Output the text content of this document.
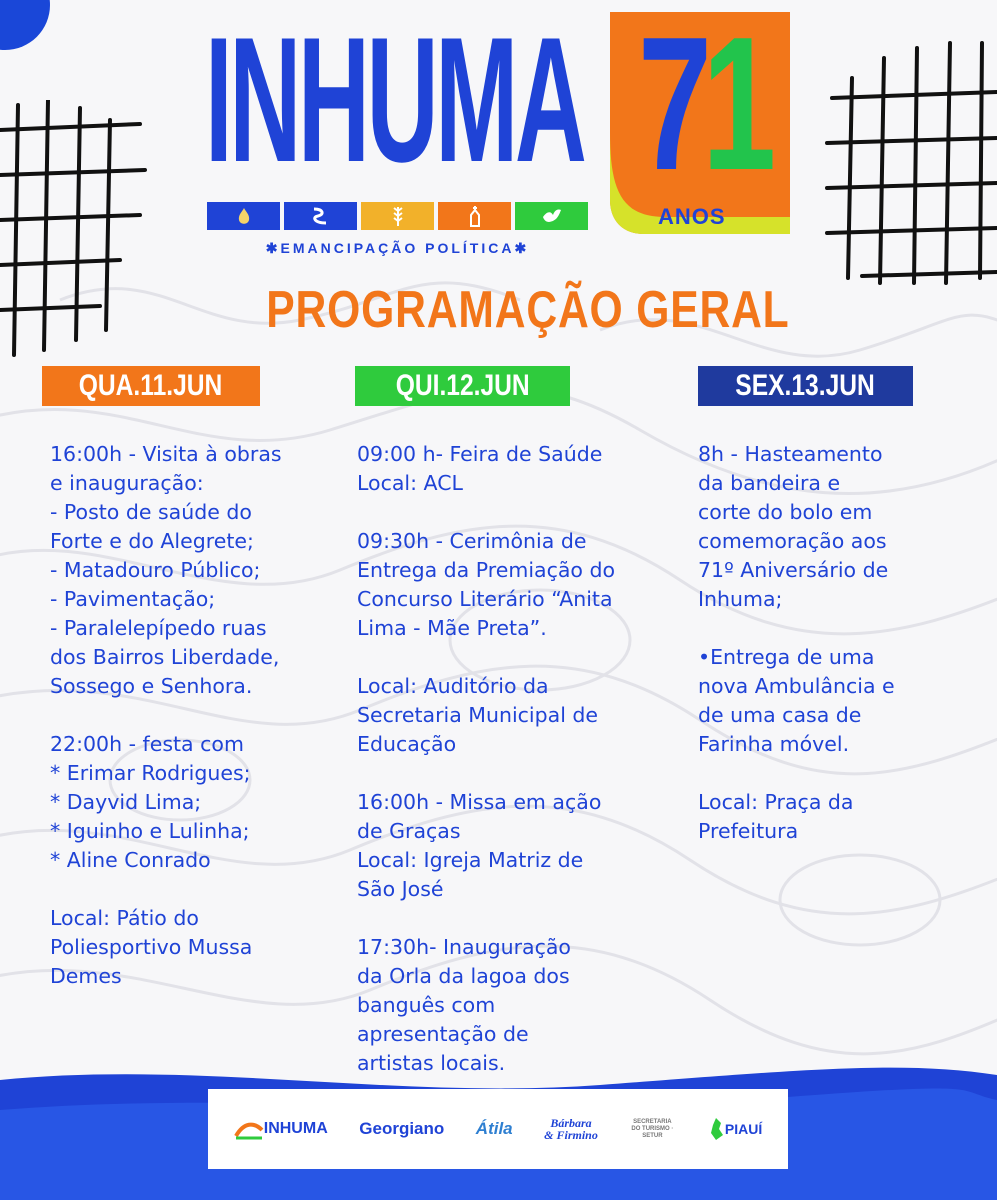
INHUMA
✱EMANCIPAÇÃO POLÍTICA✱
71
ANOS
PROGRAMAÇÃO GERAL
QUA.11.JUN	QUI.12.JUN	SEX.13.JUN

16:00h - Visita à obras

e inauguração:

- Posto de saúde do

Forte e do Alegrete;

- Matadouro Público;

- Pavimentação;

- Paralelepípedo ruas

dos Bairros Liberdade,

Sossego e Senhora.

22:00h - festa com

* Erimar Rodrigues;

* Dayvid Lima;

* Iguinho e Lulinha;

* Aline Conrado

Local: Pátio do

Poliesportivo Mussa

Demes

09:00 h- Feira de Saúde

Local: ACL

09:30h - Cerimônia de

Entrega da Premiação do

Concurso Literário “Anita

Lima - Mãe Preta”.

Local: Auditório da

Secretaria Municipal de

Educação

16:00h - Missa em ação

de Graças

Local: Igreja Matriz de

São José

17:30h- Inauguração

da Orla da lagoa dos

banguês com

apresentação de

artistas locais.

8h - Hasteamento

da bandeira e

corte do bolo em

comemoração aos

71º Aniversário de

Inhuma;

•Entrega de uma

nova Ambulância e

de uma casa de

Farinha móvel.

Local: Praça da

Prefeitura

INHUMA Georgiano Átila	Bárbara
& Firmino
SECRETARIA DO TURISMO · SETUR	PIAUÍ
